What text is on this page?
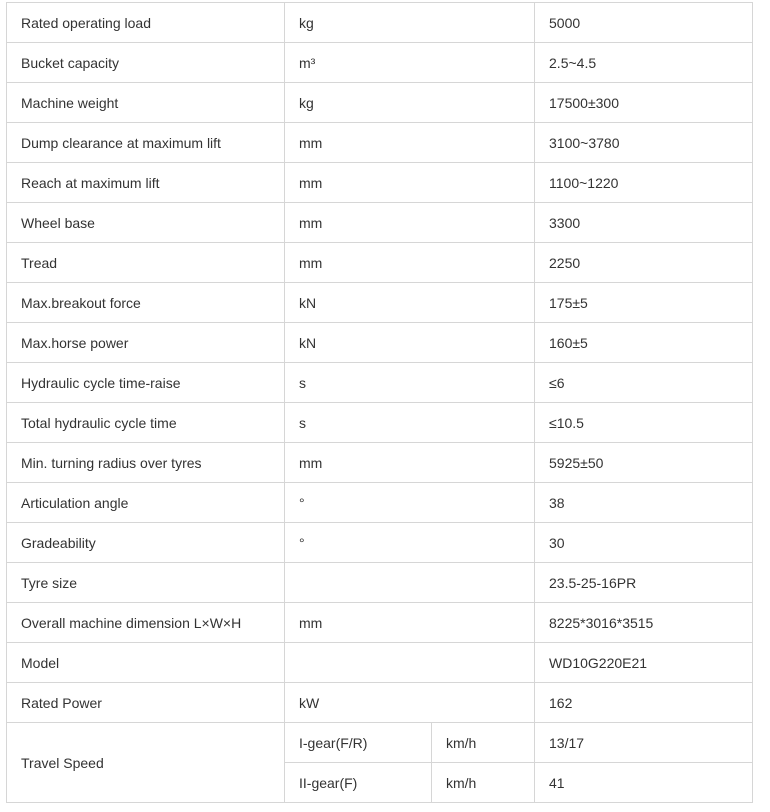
Rated operating load	kg		5000
Bucket capacity	m³		2.5~4.5
Machine weight	kg		17500±300
Dump clearance at maximum lift	mm		3100~3780
Reach at maximum lift	mm		1100~1220
Wheel base	mm		3300
Tread	mm		2250
Max.breakout force	kN		175±5
Max.horse power	kN		160±5
Hydraulic cycle time-raise	s		≤6
Total hydraulic cycle time	s		≤10.5
Min. turning radius over tyres	mm		5925±50
Articulation angle	°		38
Gradeability	°		30
Tyre size			23.5-25-16PR
Overall machine dimension L×W×H	mm		8225*3016*3515
Model			WD10G220E21
Rated Power	kW		162
Travel Speed	I-gear(F/R)	km/h	13/17
	II-gear(F)	km/h	41
